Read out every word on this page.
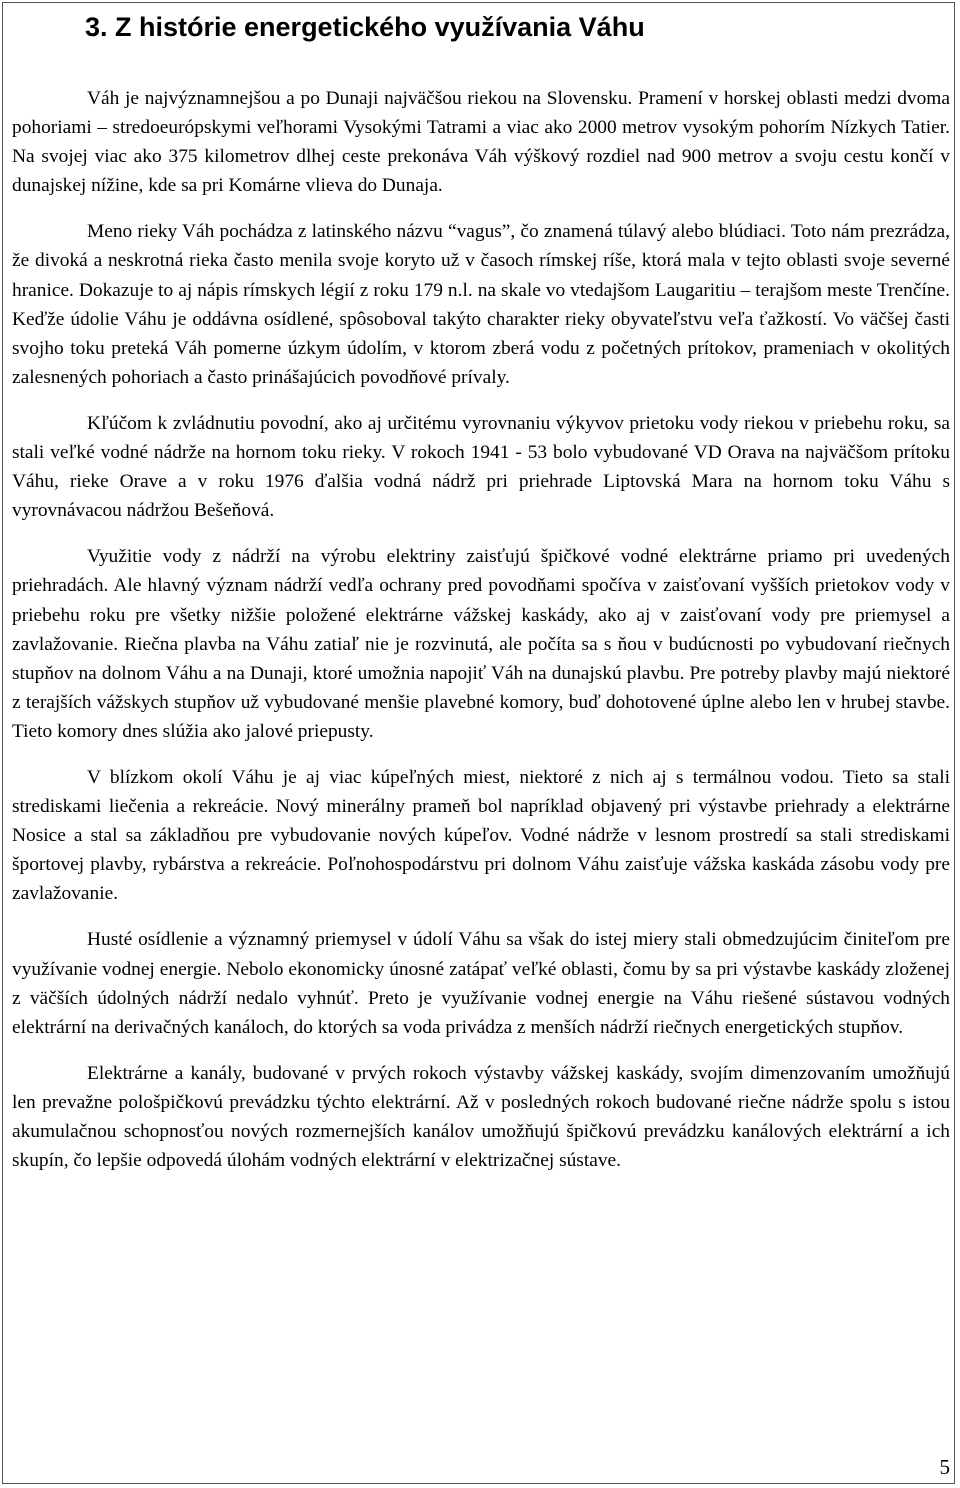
3. Z histórie energetického využívania Váhu

Váh je najvýznamnejšou a po Dunaji najväčšou riekou na Slovensku. Pramení v horskej oblasti medzi dvoma pohoriami – stredoeurópskymi veľhorami Vysokými Tatrami a viac ako 2000 metrov vysokým pohorím Nízkych Tatier. Na svojej viac ako 375 kilometrov dlhej ceste prekonáva Váh výškový rozdiel nad 900 metrov a svoju cestu končí v dunajskej nížine, kde sa pri Komárne vlieva do Dunaja.

Meno rieky Váh pochádza z latinského názvu “vagus”, čo znamená túlavý alebo blúdiaci. Toto nám prezrádza, že divoká a neskrotná rieka často menila svoje koryto už v časoch rímskej ríše, ktorá mala v tejto oblasti svoje severné hranice. Dokazuje to aj nápis rímskych légií z roku 179 n.l. na skale vo vtedajšom Laugaritiu – terajšom meste Trenčíne. Keďže údolie Váhu je oddávna osídlené, spôsoboval takýto charakter rieky obyvateľstvu veľa ťažkostí. Vo väčšej časti svojho toku preteká Váh pomerne úzkym údolím, v ktorom zberá vodu z početných prítokov, prameniach v okolitých zalesnených pohoriach a často prinášajúcich povodňové prívaly.

Kľúčom k zvládnutiu povodní, ako aj určitému vyrovnaniu výkyvov prietoku vody riekou v priebehu roku, sa stali veľké vodné nádrže na hornom toku rieky. V rokoch 1941 - 53 bolo vybudované VD Orava na najväčšom prítoku Váhu, rieke Orave a v roku 1976 ďalšia vodná nádrž pri priehrade Liptovská Mara na hornom toku Váhu s vyrovnávacou nádržou Bešeňová.

Využitie vody z nádrží na výrobu elektriny zaisťujú špičkové vodné elektrárne priamo pri uvedených priehradách. Ale hlavný význam nádrží vedľa ochrany pred povodňami spočíva v zaisťovaní vyšších prietokov vody v priebehu roku pre všetky nižšie položené elektrárne vážskej kaskády, ako aj v zaisťovaní vody pre priemysel a zavlažovanie. Riečna plavba na Váhu zatiaľ nie je rozvinutá, ale počíta sa s ňou v budúcnosti po vybudovaní riečnych stupňov na dolnom Váhu a na Dunaji, ktoré umožnia napojiť Váh na dunajskú plavbu. Pre potreby plavby majú niektoré z terajších vážskych stupňov už vybudované menšie plavebné komory, buď dohotovené úplne alebo len v hrubej stavbe. Tieto komory dnes slúžia ako jalové priepusty.

V blízkom okolí Váhu je aj viac kúpeľných miest, niektoré z nich aj s termálnou vodou. Tieto sa stali strediskami liečenia a rekreácie. Nový minerálny prameň bol napríklad objavený pri výstavbe priehrady a elektrárne Nosice a stal sa základňou pre vybudovanie nových kúpeľov. Vodné nádrže v lesnom prostredí sa stali strediskami športovej plavby, rybárstva a rekreácie. Poľnohospodárstvu pri dolnom Váhu zaisťuje vážska kaskáda zásobu vody pre zavlažovanie.

Husté osídlenie a významný priemysel v údolí Váhu sa však do istej miery stali obmedzujúcim činiteľom pre využívanie vodnej energie. Nebolo ekonomicky únosné zatápať veľké oblasti, čomu by sa pri výstavbe kaskády zloženej z väčších údolných nádrží nedalo vyhnúť. Preto je využívanie vodnej energie na Váhu riešené sústavou vodných elektrární na derivačných kanáloch, do ktorých sa voda privádza z menších nádrží riečnych energetických stupňov.

Elektrárne a kanály, budované v prvých rokoch výstavby vážskej kaskády, svojím dimenzovaním umožňujú len prevažne pološpičkovú prevádzku týchto elektrární. Až v posledných rokoch budované riečne nádrže spolu s istou akumulačnou schopnosťou nových rozmernejších kanálov umožňujú špičkovú prevádzku kanálových elektrární a ich skupín, čo lepšie odpovedá úlohám vodných elektrární v elektrizačnej sústave.

5
